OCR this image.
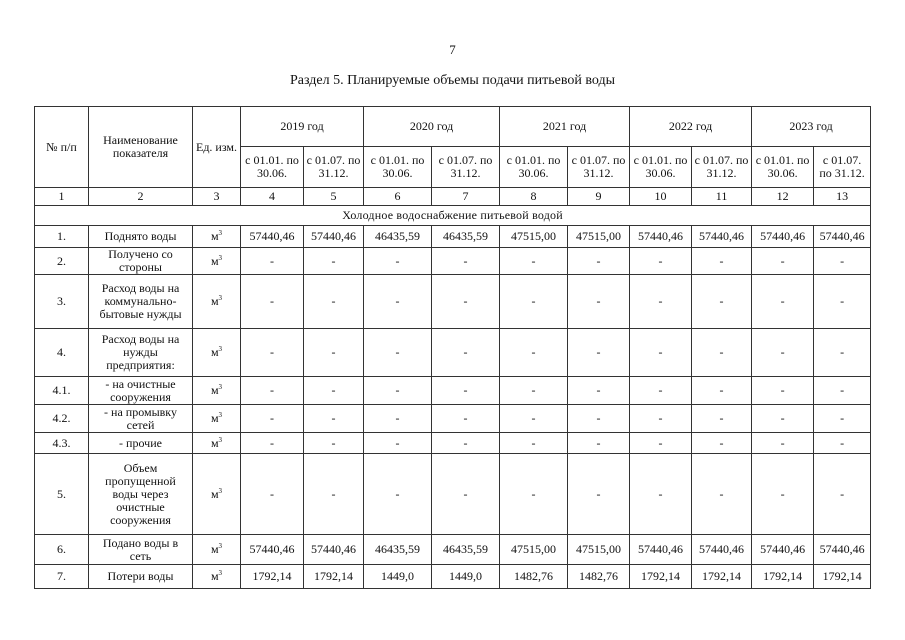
7
Раздел 5. Планируемые объемы подачи питьевой воды
№ п/п	Наименование показателя	Ед. изм.	2019 год		2020 год		2021 год		2022 год		2023 год	
			с 01.01. по 30.06.	с 01.07. по 31.12.	с 01.01. по 30.06.	с 01.07. по 31.12.	с 01.01. по 30.06.	с 01.07. по 31.12.	с 01.01. по 30.06.	с 01.07. по 31.12.	с 01.01. по 30.06.	с 01.07. по 31.12.
1	2	3	4	5	6	7	8	9	10	11	12	13
Холодное водоснабжение питьевой водой												
1.	Поднято воды	$м^3$	57440,46	57440,46	46435,59	46435,59	47515,00	47515,00	57440,46	57440,46	57440,46	57440,46
2.	Получено со стороны	$м^3$	-	-	-	-	-	-	-	-	-	-
3.	Расход воды на коммунально-бытовые нужды	$м^3$	-	-	-	-	-	-	-	-	-	-
4.	Расход воды на нужды предприятия:	$м^3$	-	-	-	-	-	-	-	-	-	-
4.1.	- на очистные сооружения	$м^3$	-	-	-	-	-	-	-	-	-	-
4.2.	- на промывку сетей	$м^3$	-	-	-	-	-	-	-	-	-	-
4.3.	- прочие	$м^3$	-	-	-	-	-	-	-	-	-	-
5.	Объем пропущенной воды через очистные сооружения	$м^3$	-	-	-	-	-	-	-	-	-	-
6.	Подано воды в сеть	$м^3$	57440,46	57440,46	46435,59	46435,59	47515,00	47515,00	57440,46	57440,46	57440,46	57440,46
7.	Потери воды	$м^3$	1792,14	1792,14	1449,0	1449,0	1482,76	1482,76	1792,14	1792,14	1792,14	1792,14
